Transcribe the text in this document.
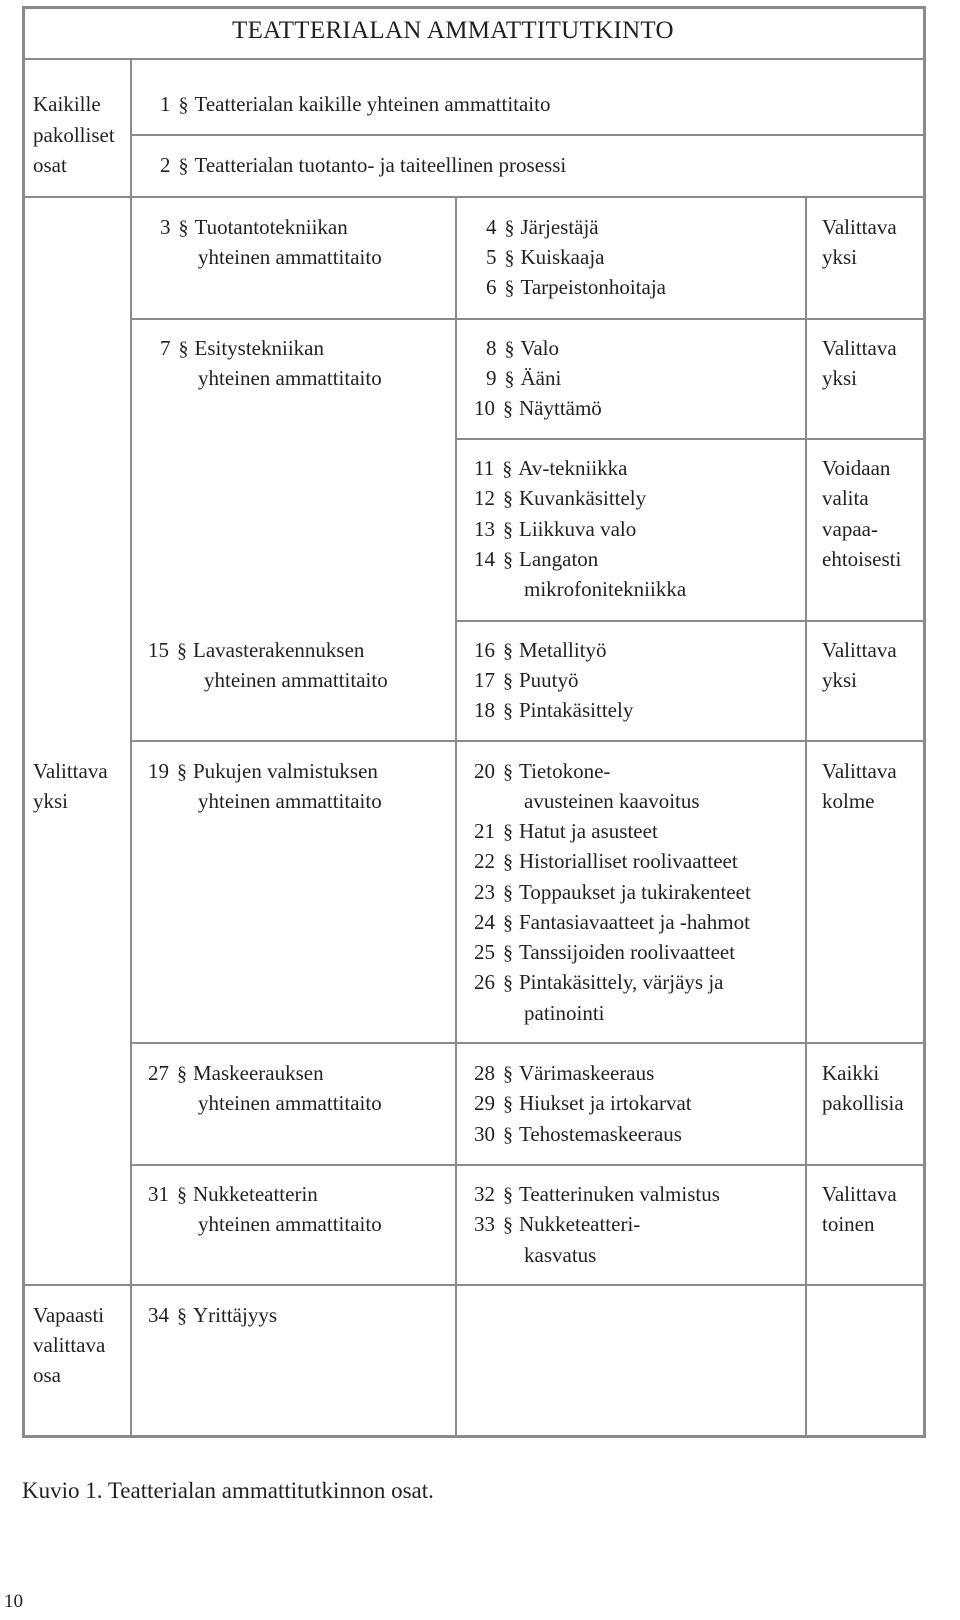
TEATTERIALAN AMMATTITUTKINTO
Kaikille
pakolliset
osat
Valittava
yksi
Vapaasti
valittava
osa
1 § Teatterialan kaikille yhteinen ammattitaito
2 § Teatterialan tuotanto- ja taiteellinen prosessi
3 § Tuotantotekniikan
yhteinen ammattitaito
4 § Järjestäjä
5 § Kuiskaaja
6 § Tarpeistonhoitaja
Valittava
yksi
7 § Esitystekniikan
yhteinen ammattitaito
8 § Valo
9 § Ääni
10 § Näyttämö
Valittava
yksi
11 § Av-tekniikka
12 § Kuvankäsittely
13 § Liikkuva valo
14 § Langaton
mikrofonitekniikka
Voidaan
valita
vapaa-
ehtoisesti
15 § Lavasterakennuksen
yhteinen ammattitaito
16 § Metallityö
17 § Puutyö
18 § Pintakäsittely
Valittava
yksi
19 § Pukujen valmistuksen
yhteinen ammattitaito
20 § Tietokone-
avusteinen kaavoitus
21 § Hatut ja asusteet
22 § Historialliset roolivaatteet
23 § Toppaukset ja tukirakenteet
24 § Fantasiavaatteet ja -hahmot
25 § Tanssijoiden roolivaatteet
26 § Pintakäsittely, värjäys ja
patinointi
Valittava
kolme
27 § Maskeerauksen
yhteinen ammattitaito
28 § Värimaskeeraus
29 § Hiukset ja irtokarvat
30 § Tehostemaskeeraus
Kaikki
pakollisia
31 § Nukketeatterin
yhteinen ammattitaito
32 § Teatterinuken valmistus
33 § Nukketeatteri-
kasvatus
Valittava
toinen
34 § Yrittäjyys
Kuvio 1. Teatterialan ammattitutkinnon osat.
10
